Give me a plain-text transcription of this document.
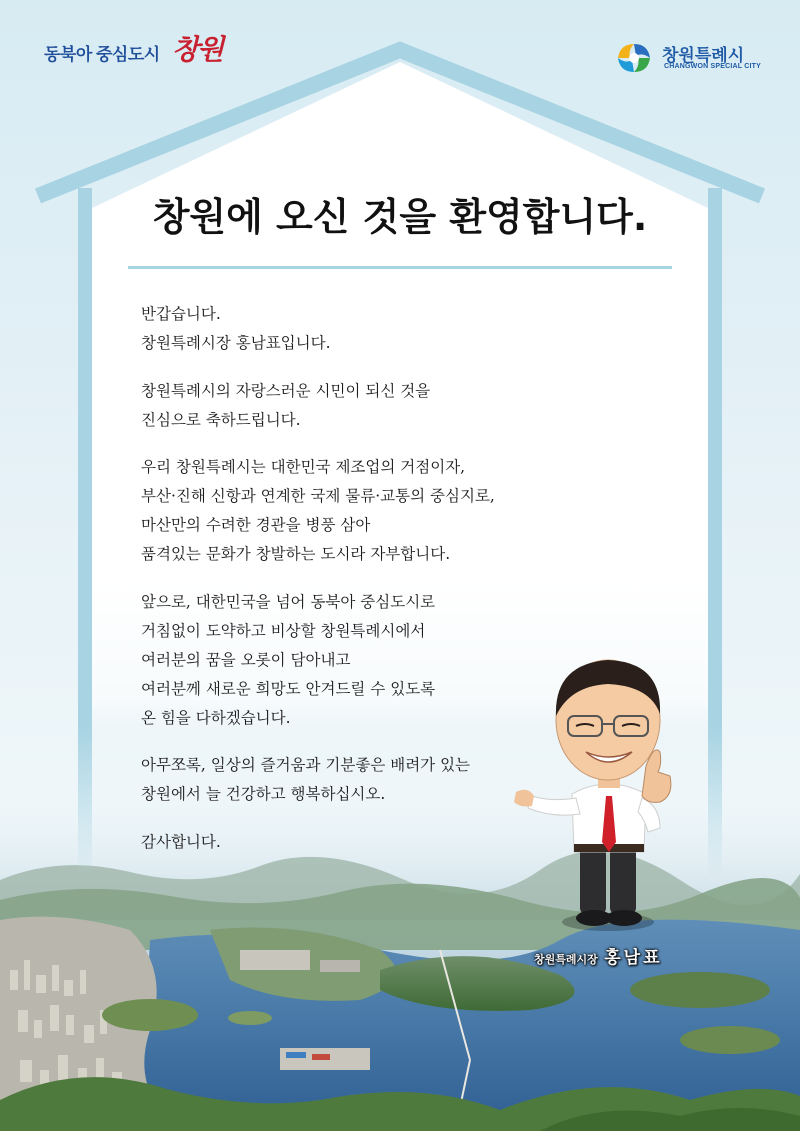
동북아 중심도시 창원	창원특례시
CHANGWON SPECIAL CITY
창원에 오신 것을 환영합니다.
반갑습니다.
창원특례시장 홍남표입니다.
창원특례시의 자랑스러운 시민이 되신 것을
진심으로 축하드립니다.
우리 창원특례시는 대한민국 제조업의 거점이자,
부산·진해 신항과 연계한 국제 물류·교통의 중심지로,
마산만의 수려한 경관을 병풍 삼아
품격있는 문화가 창발하는 도시라 자부합니다.
앞으로, 대한민국을 넘어 동북아 중심도시로
거침없이 도약하고 비상할 창원특례시에서
여러분의 꿈을 오롯이 담아내고
여러분께 새로운 희망도 안겨드릴 수 있도록
온 힘을 다하겠습니다.
아무쪼록, 일상의 즐거움과 기분좋은 배려가 있는
창원에서 늘 건강하고 행복하십시오.
감사합니다.
창원특례시장 홍남표
